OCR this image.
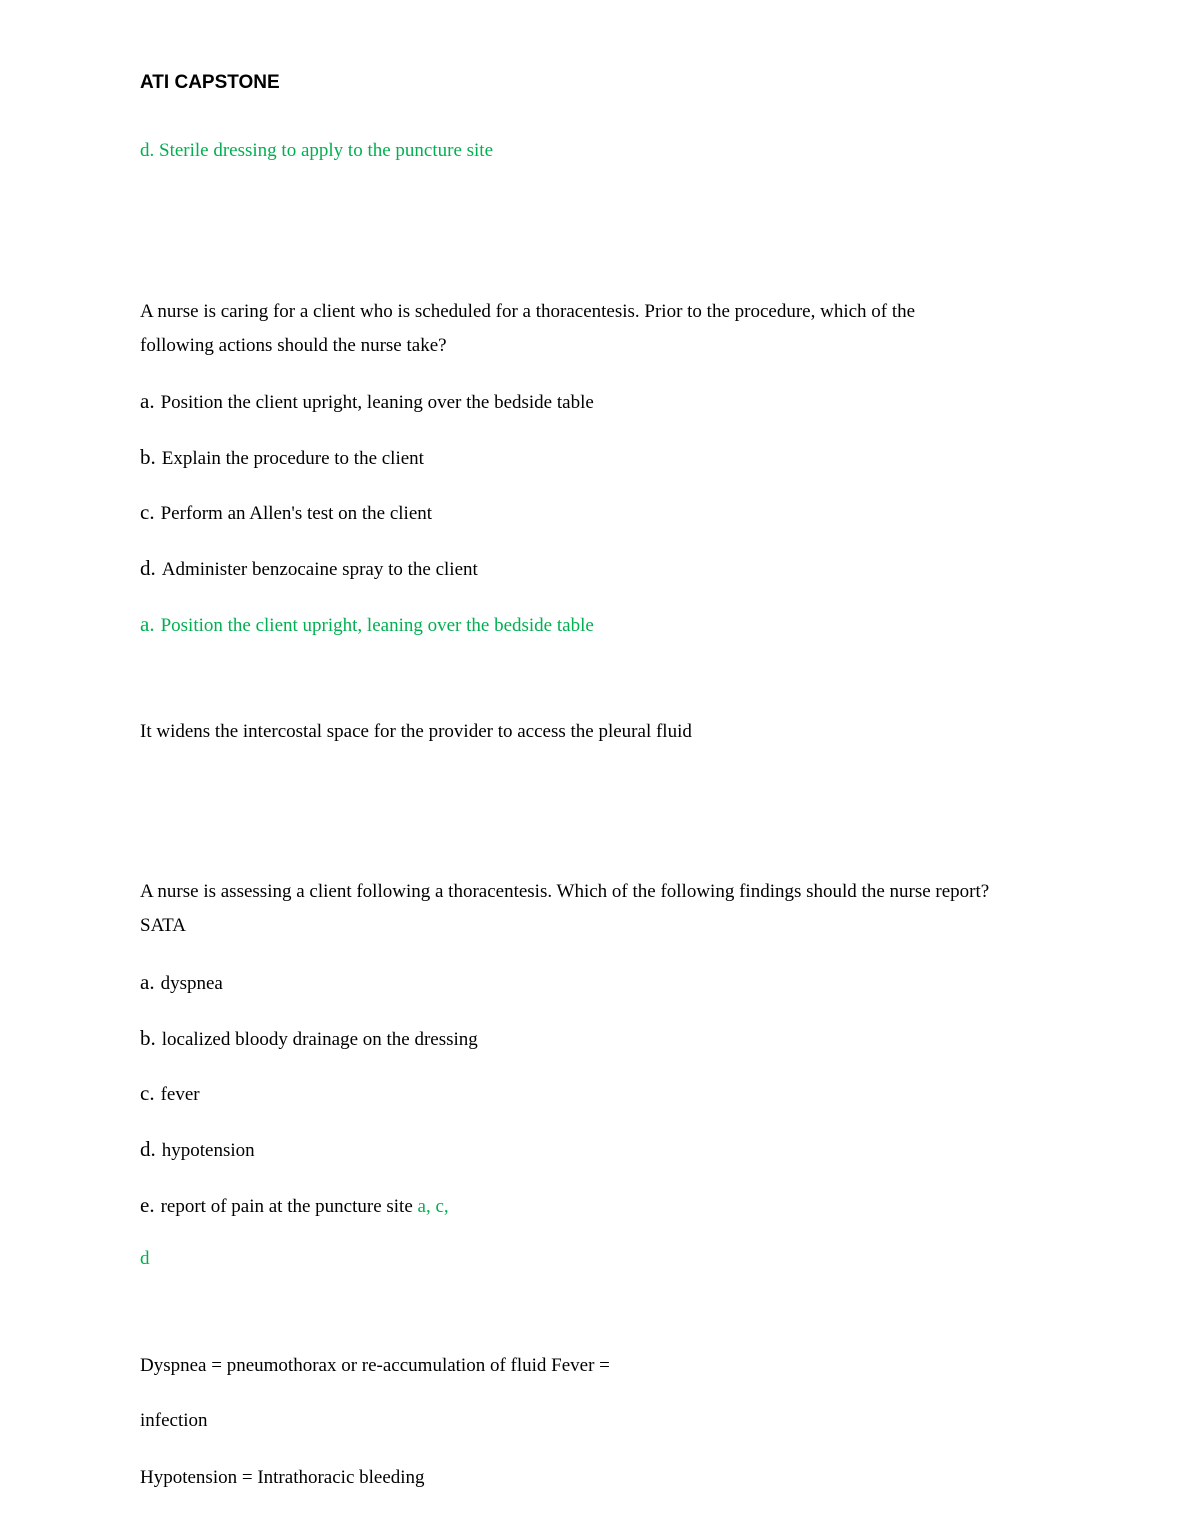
ATI CAPSTONE
d. Sterile dressing to apply to the puncture site
A nurse is caring for a client who is scheduled for a thoracentesis. Prior to the procedure, which of the
following actions should the nurse take?
a. Position the client upright, leaning over the bedside table
b. Explain the procedure to the client
c. Perform an Allen's test on the client
d. Administer benzocaine spray to the client
a. Position the client upright, leaning over the bedside table
It widens the intercostal space for the provider to access the pleural fluid
A nurse is assessing a client following a thoracentesis. Which of the following findings should the nurse report?
SATA
a. dyspnea
b. localized bloody drainage on the dressing
c. fever
d. hypotension
e. report of pain at the puncture site a, c,
d
Dyspnea = pneumothorax or re-accumulation of fluid Fever =
infection
Hypotension = Intrathoracic bleeding
